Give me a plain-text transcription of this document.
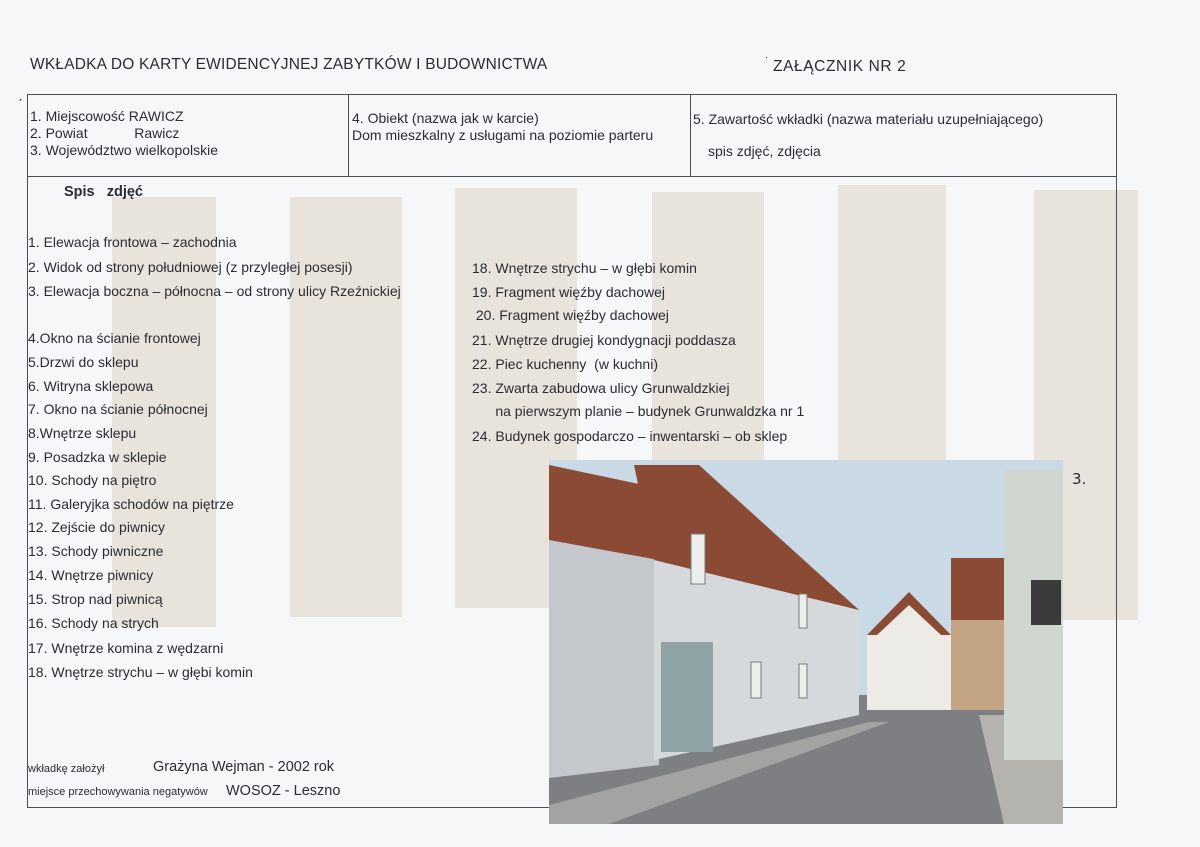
WKŁADKA DO KARTY EWIDENCYJNEJ ZABYTKÓW I BUDOWNICTWA	·
ZAŁĄCZNIK NR 2
ˊ
1. Miejscowość RAWICZ
2. Powiat            Rawicz
3. Województwo wielkopolskie
4. Obiekt (nazwa jak w karcie)
Dom mieszkalny z usługami na poziomie parteru
5. Zawartość wkładki (nazwa materiału uzupełniającego)
spis zdjęć, zdjęcia
Spis   zdjęć
1. Elewacja frontowa – zachodnia
2. Widok od strony południowej (z przyległej posesji)
3. Elewacja boczna – północna – od strony ulicy Rzeźnickiej
4.Okno na ścianie frontowej
5.Drzwi do sklepu
6. Witryna sklepowa
7. Okno na ścianie północnej
8.Wnętrze sklepu
9. Posadzka w sklepie
10. Schody na piętro
11. Galeryjka schodów na piętrze
12. Zejście do piwnicy
13. Schody piwniczne
14. Wnętrze piwnicy
15. Strop nad piwnicą
16. Schody na strych
17. Wnętrze komina z wędzarni
18. Wnętrze strychu – w głębi komin
18. Wnętrze strychu – w głębi komin
19. Fragment więźby dachowej
20. Fragment więźby dachowej
21. Wnętrze drugiej kondygnacji poddasza
22. Piec kuchenny  (w kuchni)
23. Zwarta zabudowa ulicy Grunwaldzkiej
na pierwszym planie – budynek Grunwaldzka nr 1
24. Budynek gospodarczo – inwentarski – ob sklep
wkładkę założył	Grażyna Wejman - 2002 rok
miejsce przechowywania negatywów WOSOZ - Leszno
3.
